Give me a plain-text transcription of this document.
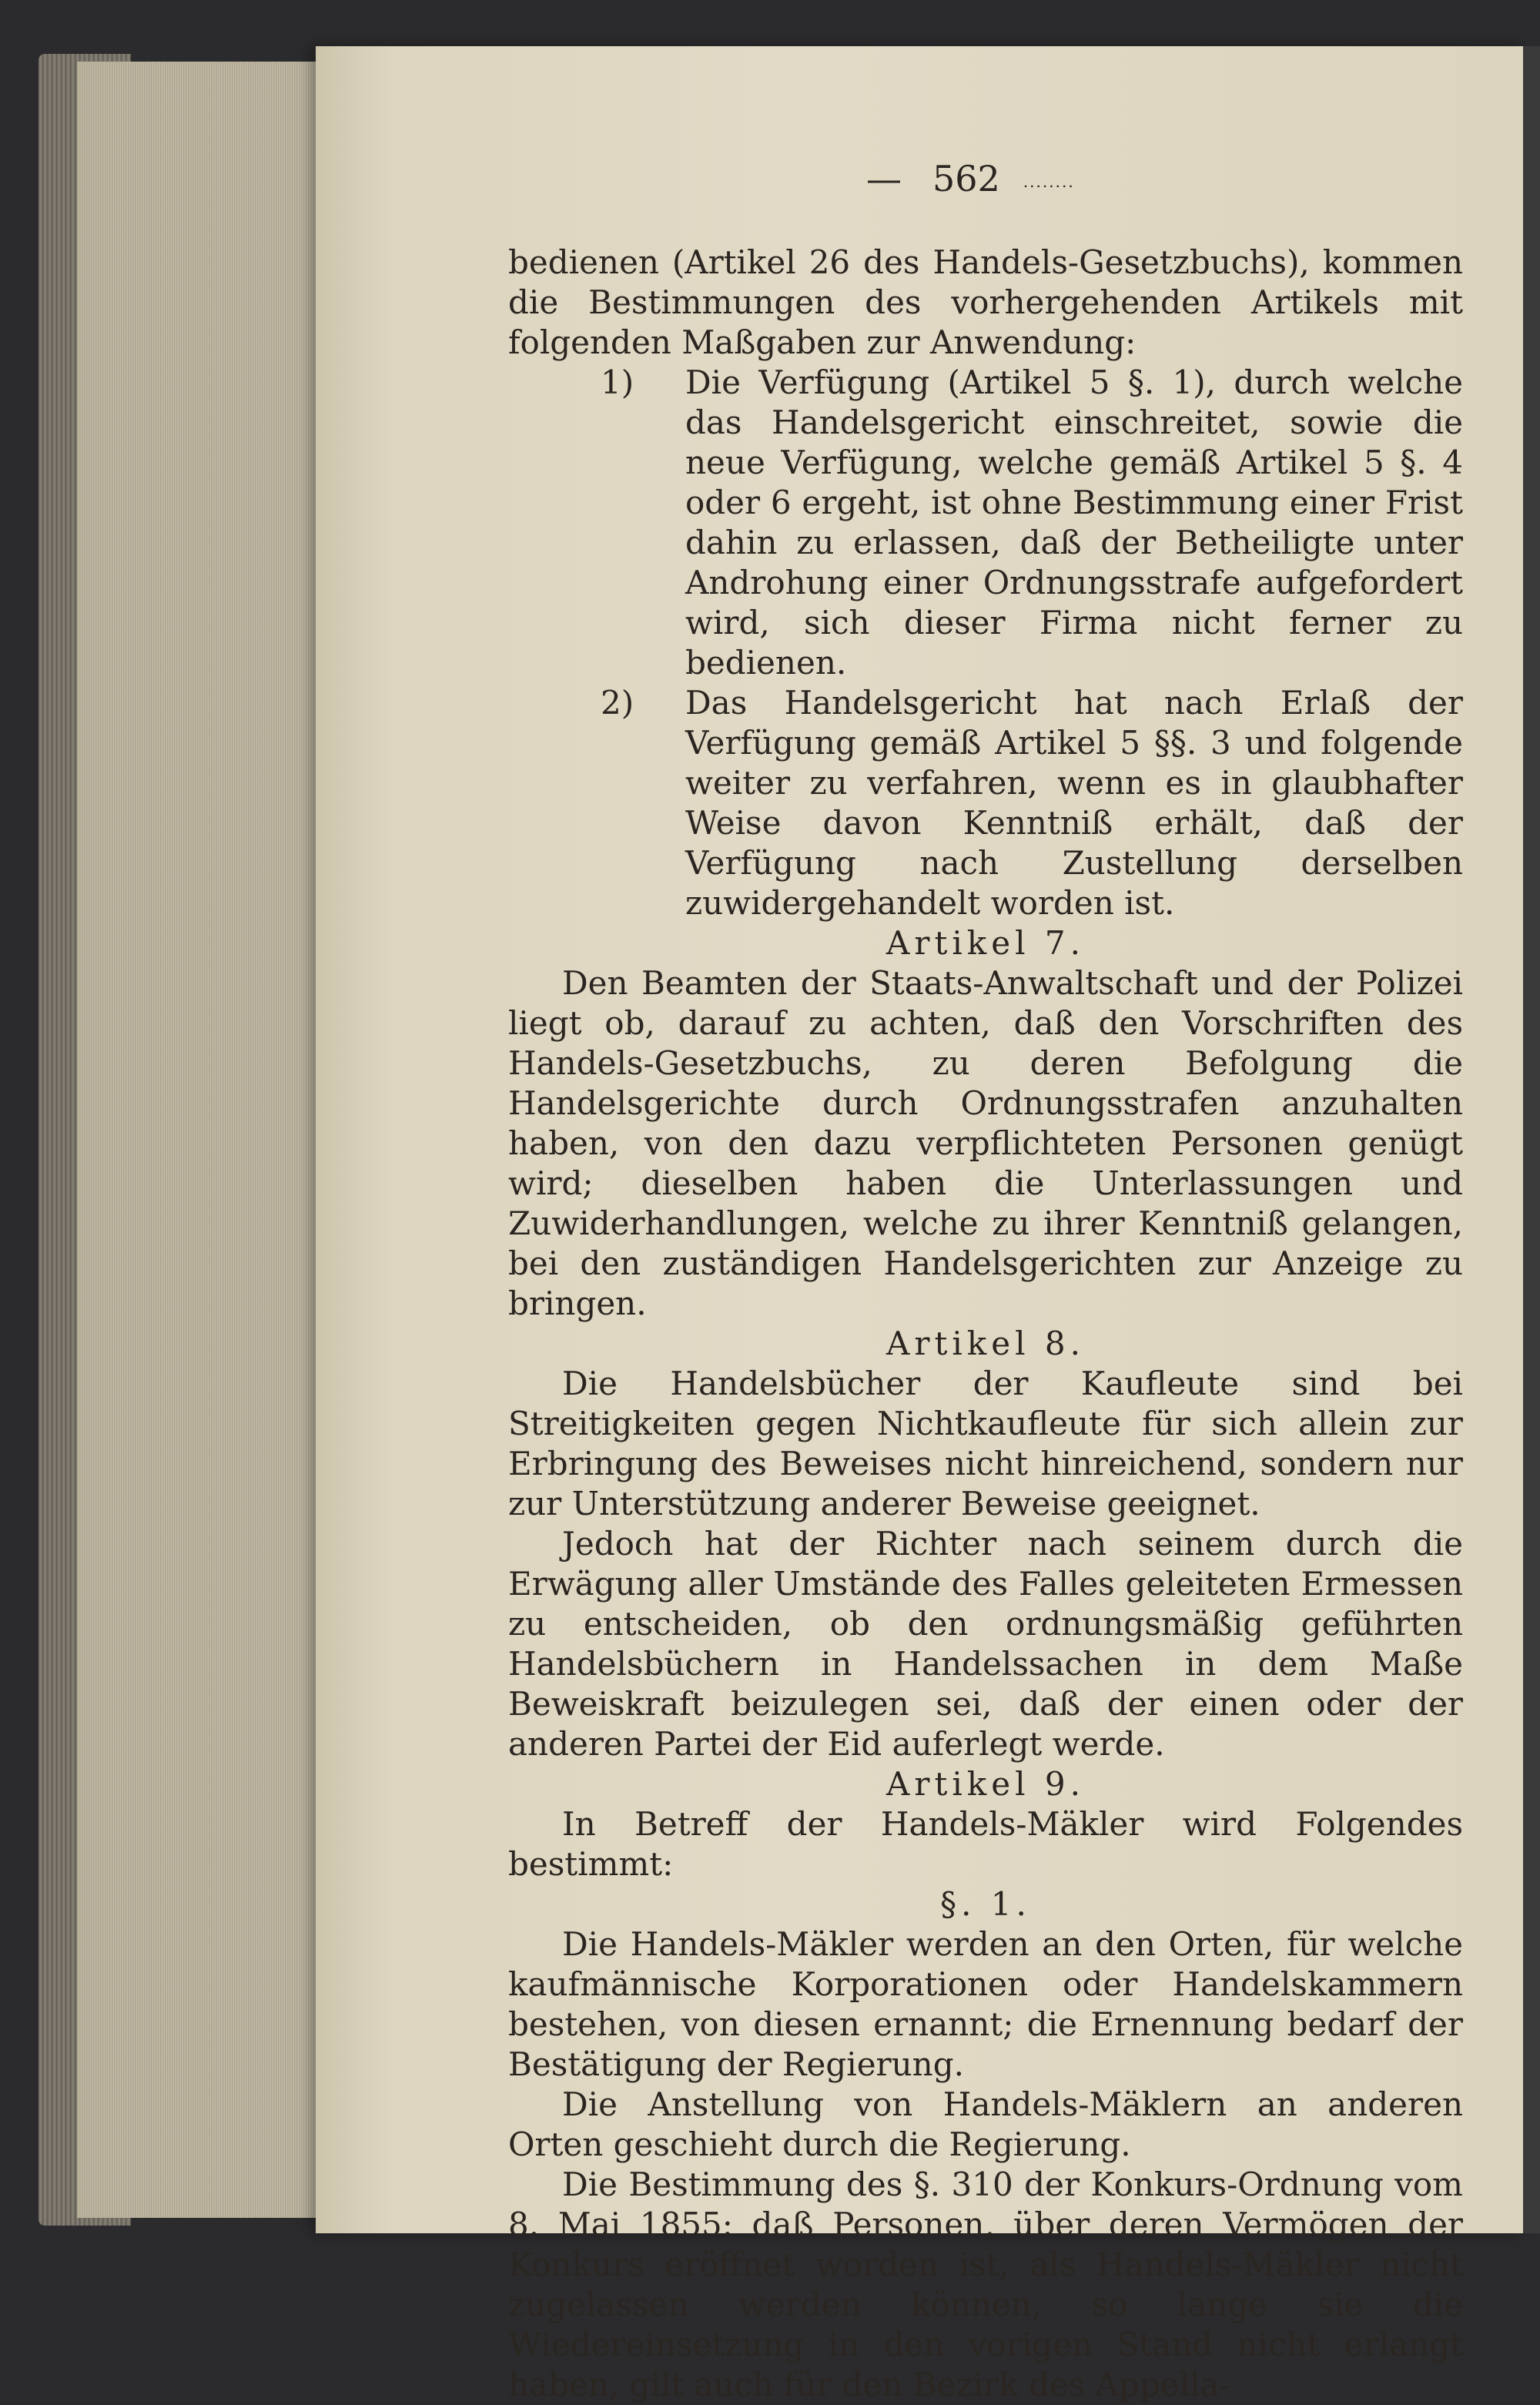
— 562 ........

bedienen (Artikel 26 des Handels-Gesetzbuchs), kommen die Bestimmungen des vorhergehenden Artikels mit folgenden Maßgaben zur Anwendung:

1) Die Verfügung (Artikel 5 §. 1), durch welche das Handelsgericht einschreitet, sowie die neue Verfügung, welche gemäß Artikel 5 §. 4 oder 6 ergeht, ist ohne Bestimmung einer Frist dahin zu erlassen, daß der Betheiligte unter Androhung einer Ordnungsstrafe aufgefordert wird, sich dieser Firma nicht ferner zu bedienen.
2) Das Handelsgericht hat nach Erlaß der Verfügung gemäß Artikel 5 §§. 3 und folgende weiter zu verfahren, wenn es in glaubhafter Weise davon Kenntniß erhält, daß der Verfügung nach Zustellung derselben zuwidergehandelt worden ist.

Artikel 7.

Den Beamten der Staats-Anwaltschaft und der Polizei liegt ob, darauf zu achten, daß den Vorschriften des Handels-Gesetzbuchs, zu deren Befolgung die Handelsgerichte durch Ordnungsstrafen anzuhalten haben, von den dazu verpflichteten Personen genügt wird; dieselben haben die Unterlassungen und Zuwiderhandlungen, welche zu ihrer Kenntniß gelangen, bei den zuständigen Handelsgerichten zur Anzeige zu bringen.

Artikel 8.

Die Handelsbücher der Kaufleute sind bei Streitigkeiten gegen Nichtkaufleute für sich allein zur Erbringung des Beweises nicht hinreichend, sondern nur zur Unterstützung anderer Beweise geeignet.

Jedoch hat der Richter nach seinem durch die Erwägung aller Umstände des Falles geleiteten Ermessen zu entscheiden, ob den ordnungsmäßig geführten Handelsbüchern in Handelssachen in dem Maße Beweiskraft beizulegen sei, daß der einen oder der anderen Partei der Eid auferlegt werde.

Artikel 9.

In Betreff der Handels-Mäkler wird Folgendes bestimmt:

§. 1.

Die Handels-Mäkler werden an den Orten, für welche kaufmännische Korporationen oder Handelskammern bestehen, von diesen ernannt; die Ernennung bedarf der Bestätigung der Regierung.

Die Anstellung von Handels-Mäklern an anderen Orten geschieht durch die Regierung.

Die Bestimmung des §. 310 der Konkurs-Ordnung vom 8. Mai 1855: daß Personen, über deren Vermögen der Konkurs eröffnet worden ist, als Handels-Mäkler nicht zugelassen werden können, so lange sie die Wiedereinsetzung in den vorigen Stand nicht erlangt haben, gilt auch für den Bezirk des Appella-
